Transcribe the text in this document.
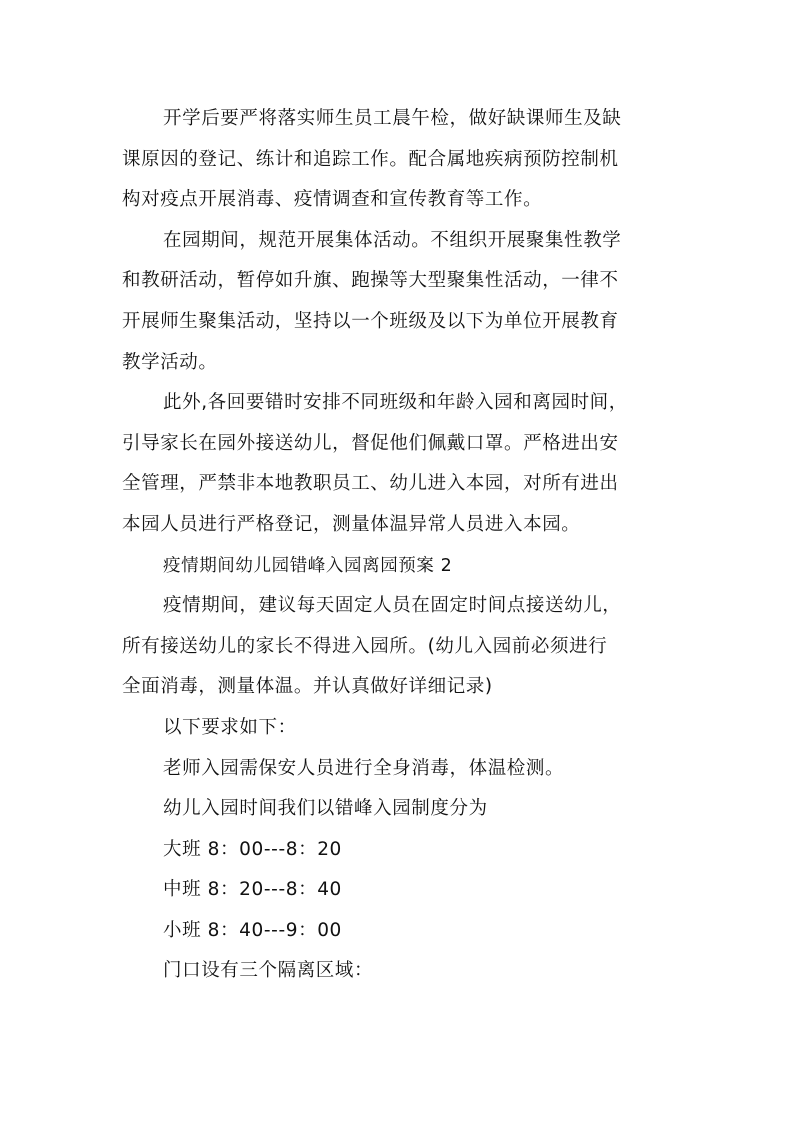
开学后要严将落实师生员工晨午检，做好缺课师生及缺
课原因的登记、练计和追踪工作。配合属地疾病预防控制机
构对疫点开展消毒、疫情调查和宣传教育等工作。
在园期间，规范开展集体活动。不组织开展聚集性教学
和教研活动，暂停如升旗、跑操等大型聚集性活动，一律不
开展师生聚集活动，坚持以一个班级及以下为单位开展教育
教学活动。
此外,各回要错时安排不同班级和年龄入园和离园时间，
引导家长在园外接送幼儿，督促他们佩戴口罩。严格进出安
全管理，严禁非本地教职员工、幼儿进入本园，对所有进出
本园人员进行严格登记，测量体温异常人员进入本园。
疫情期间幼儿园错峰入园离园预案 2
疫情期间，建议每天固定人员在固定时间点接送幼儿，
所有接送幼儿的家长不得进入园所。(幼儿入园前必须进行
全面消毒，测量体温。并认真做好详细记录)
以下要求如下：
老师入园需保安人员进行全身消毒，体温检测。
幼儿入园时间我们以错峰入园制度分为
大班 8：00---8：20
中班 8：20---8：40
小班 8：40---9：00
门口设有三个隔离区域：
